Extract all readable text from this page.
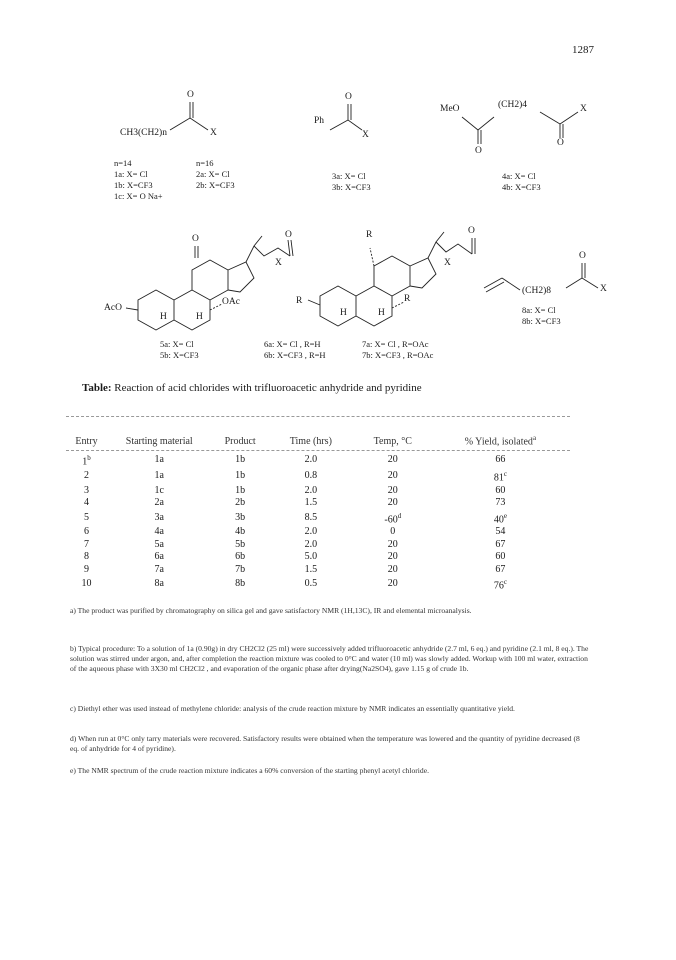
1287
CH3(CH2)n	X
O
Ph
X
O
MeO	(CH2)4	X
O
O
(CH2)8	X
O
AcO
OAc
H	H
X
O	O
R
R
R
H	H
X
O
n=14
1a: X= Cl
1b: X=CF3
1c: X= O Na+
n=16
2a: X= Cl
2b: X=CF3
3a: X= Cl
3b: X=CF3
4a: X= Cl
4b: X=CF3
8a: X= Cl
8b: X=CF3
5a: X= Cl
5b: X=CF3
6a: X= Cl , R=H
6b: X=CF3 , R=H
7a: X= Cl , R=OAc
7b: X=CF3 , R=OAc
Table: Reaction of acid chlorides with trifluoroacetic anhydride and pyridine
Entry	Starting material	Product	Time (hrs)	Temp, °C	% Yield, isolated$^a$
1$^b$	1a	1b	2.0	20	66
2	1a	1b	0.8	20	81$^c$
3	1c	1b	2.0	20	60
4	2a	2b	1.5	20	73
5	3a	3b	8.5	-60$^d$	40e
6	4a	4b	2.0	0	54
7	5a	5b	2.0	20	67
8	6a	6b	5.0	20	60
9	7a	7b	1.5	20	67
10	8a	8b	0.5	20	76$^c$
a) The product was purified by chromatography on silica gel and gave satisfactory NMR (1H,13C), IR and elemental microanalysis.
b) Typical procedure: To a solution of 1a (0.90g) in dry CH2Cl2 (25 ml) were successively added trifluoroacetic anhydride (2.7 ml, 6 eq.) and pyridine (2.1 ml, 8 eq.). The solution was stirred under argon, and, after completion the reaction mixture was cooled to 0°C and water (10 ml) was slowly added. Workup with 100 ml water, extraction of the aqueous phase with 3X30 ml CH2Cl2 , and evaporation of the organic phase after drying(Na2SO4), gave 1.15 g of crude 1b.
c) Diethyl ether was used instead of methylene chloride: analysis of the crude reaction mixture by NMR indicates an essentially quantitative yield.
d) When run at 0°C only tarry materials were recovered. Satisfactory results were obtained when the temperature was lowered and the quantity of pyridine decreased (8 eq. of anhydride for 4 of pyridine).
e) The NMR spectrum of the crude reaction mixture indicates a 60% conversion of the starting phenyl acetyl chloride.
